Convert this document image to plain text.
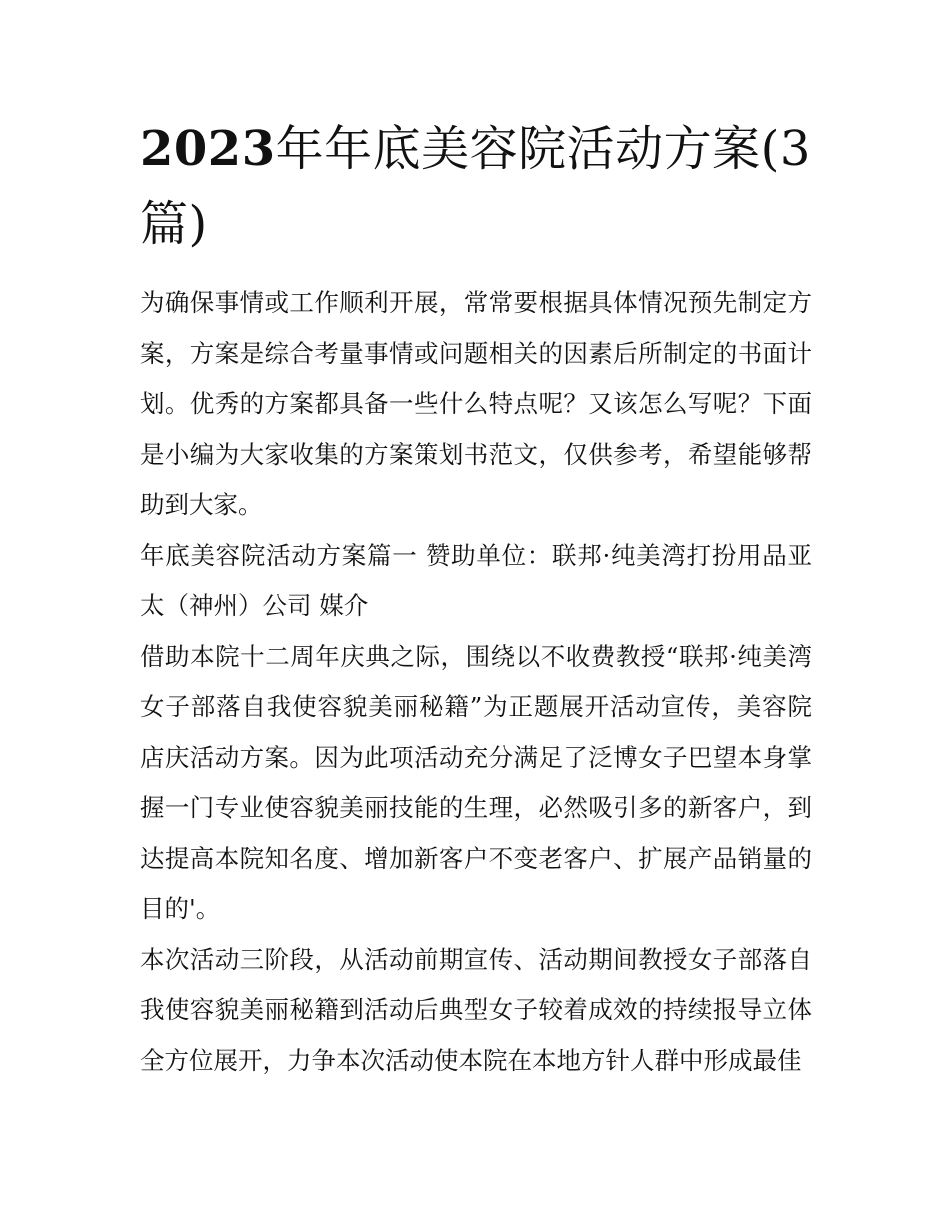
2023年年底美容院活动方案(3篇)

为确保事情或工作顺利开展，常常要根据具体情况预先制定方案，方案是综合考量事情或问题相关的因素后所制定的书面计划。优秀的方案都具备一些什么特点呢？又该怎么写呢？下面是小编为大家收集的方案策划书范文，仅供参考，希望能够帮助到大家。

年底美容院活动方案篇一 赞助单位：联邦·纯美湾打扮用品亚太（神州）公司 媒介

借助本院十二周年庆典之际，围绕以不收费教授“联邦·纯美湾女子部落自我使容貌美丽秘籍”为正题展开活动宣传，美容院店庆活动方案。因为此项活动充分满足了泛博女子巴望本身掌握一门专业使容貌美丽技能的生理，必然吸引多的新客户，到达提高本院知名度、增加新客户不变老客户、扩展产品销量的目的'。

本次活动三阶段，从活动前期宣传、活动期间教授女子部落自我使容貌美丽秘籍到活动后典型女子较着成效的持续报导立体全方位展开，力争本次活动使本院在本地方针人群中形成最佳
